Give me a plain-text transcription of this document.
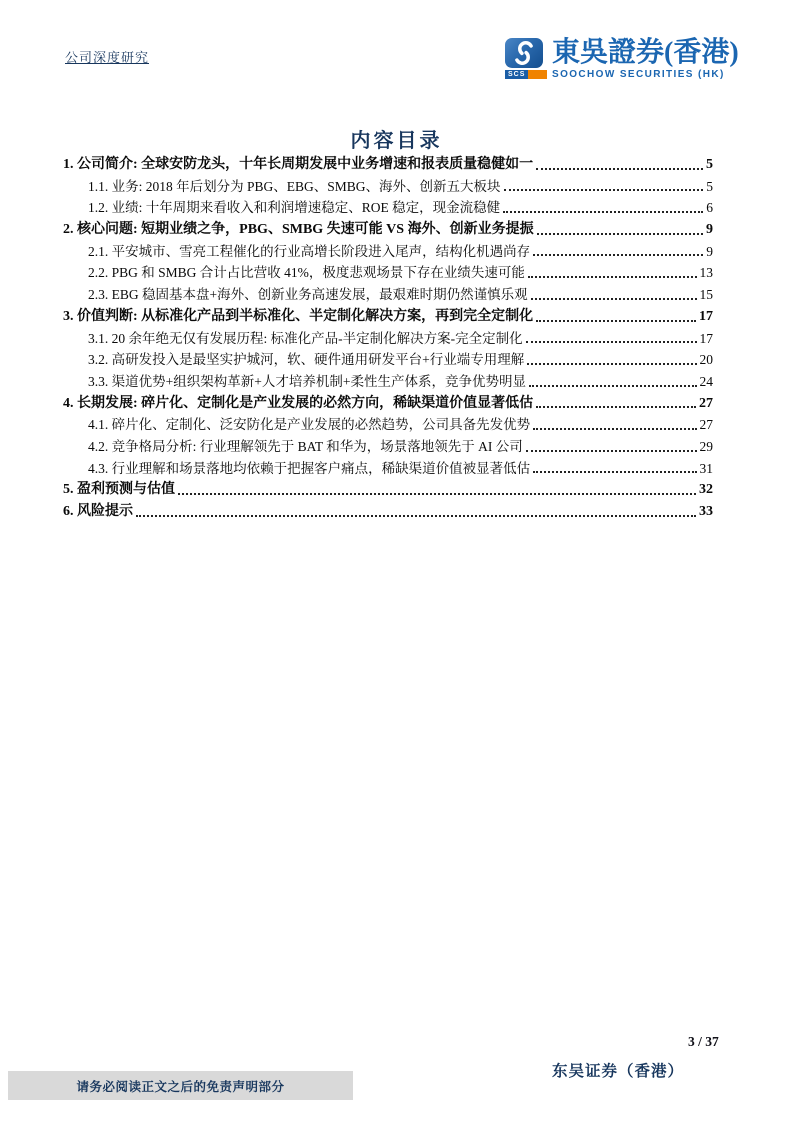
公司深度研究
SCS
東吳證券(香港)
SOOCHOW SECURITIES (HK)
内容目录
1. 公司简介: 全球安防龙头，十年长周期发展中业务增速和报表质量稳健如一	5
1.1. 业务: 2018 年后划分为 PBG、EBG、SMBG、海外、创新五大板块	5
1.2. 业绩: 十年周期来看收入和利润增速稳定、ROE 稳定，现金流稳健	6
2. 核心问题: 短期业绩之争，PBG、SMBG 失速可能 VS 海外、创新业务提振	9
2.1. 平安城市、雪亮工程催化的行业高增长阶段进入尾声，结构化机遇尚存	9
2.2. PBG 和 SMBG 合计占比营收 41%，极度悲观场景下存在业绩失速可能	13
2.3. EBG 稳固基本盘+海外、创新业务高速发展，最艰难时期仍然谨慎乐观	15
3. 价值判断: 从标准化产品到半标准化、半定制化解决方案，再到完全定制化	17
3.1. 20 余年绝无仅有发展历程: 标准化产品-半定制化解决方案-完全定制化	17
3.2. 高研发投入是最坚实护城河，软、硬件通用研发平台+行业端专用理解	20
3.3. 渠道优势+组织架构革新+人才培养机制+柔性生产体系，竞争优势明显	24
4. 长期发展: 碎片化、定制化是产业发展的必然方向，稀缺渠道价值显著低估	27
4.1. 碎片化、定制化、泛安防化是产业发展的必然趋势，公司具备先发优势	27
4.2. 竞争格局分析: 行业理解领先于 BAT 和华为，场景落地领先于 AI 公司	29
4.3. 行业理解和场景落地均依赖于把握客户痛点，稀缺渠道价值被显著低估	31
5. 盈利预测与估值	32
6. 风险提示	33
3 / 37
东吴证券（香港）
请务必阅读正文之后的免责声明部分
